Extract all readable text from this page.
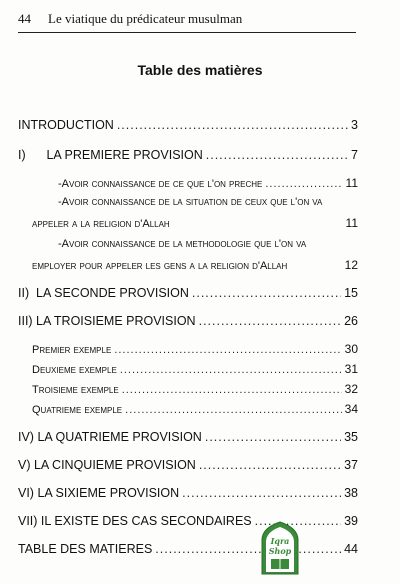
44 Le viatique du prédicateur musulman
Table des matières
INTRODUCTION .....	3
I)      LA PREMIERE PROVISION .....	7
-Avoir connaissance de ce que l'on preche .....	11
-Avoir connaissance de la situation de ceux que l'on va
appeler a la religion d'Allah	11
-Avoir connaissance de la methodologie que l'on va
employer pour appeler les gens a la religion d'Allah	12
II)  LA SECONDE PROVISION .....	15
III) LA TROISIEME PROVISION .....	26
Premier exemple .....	30
Deuxieme exemple .....	31
Troisieme exemple .....	32
Quatrieme exemple .....	34
IV) LA QUATRIEME PROVISION .....	35
V) LA CINQUIEME PROVISION .....	37
VI) LA SIXIEME PROVISION .....	38
VII) IL EXISTE DES CAS SECONDAIRES .....	39
TABLE DES MATIERES .....	44
Iqra
Shop
